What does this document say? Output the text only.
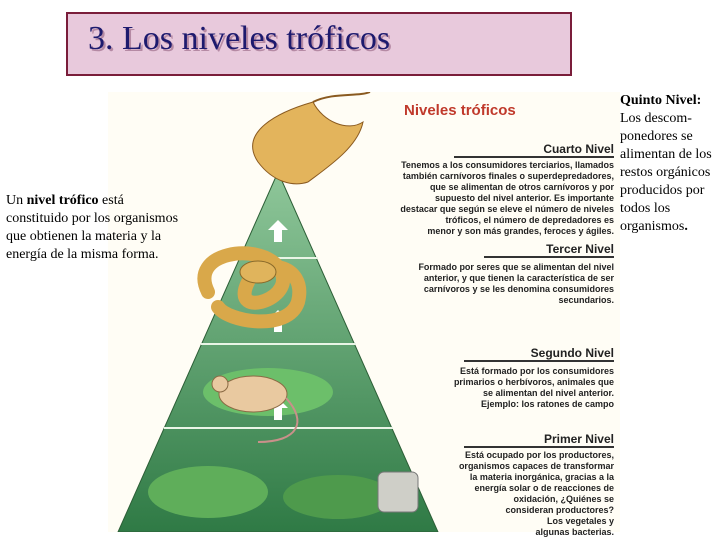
3. Los niveles tróficos
Niveles tróficos
Cuarto Nivel
Tenemos a los consumidores terciarios, llamados
también carnívoros finales o superdepredadores,
que se alimentan de otros carnívoros y por
supuesto del nivel anterior. Es importante
destacar que según se eleve el número de niveles
tróficos, el número de depredadores es
menor y son más grandes, feroces y ágiles.
Tercer Nivel
Formado por seres que se alimentan del nivel
anterior, y que tienen la característica de ser
carnívoros y se les denomina consumidores
secundarios.
Segundo Nivel
Está formado por los consumidores
primarios o herbívoros, animales que
se alimentan del nivel anterior.
Ejemplo: los ratones de campo
Primer Nivel
Está ocupado por los productores,
organismos capaces de transformar
la materia inorgánica, gracias a la
energía solar o de reacciones de
oxidación, ¿Quiénes se
consideran productores?
Los vegetales y
algunas bacterias.
Un nivel trófico está constituido por los organismos que obtienen la materia y la energía de la misma forma.
Quinto Nivel:
Los descom-ponedores se alimentan de los restos orgánicos producidos por todos los organismos.
